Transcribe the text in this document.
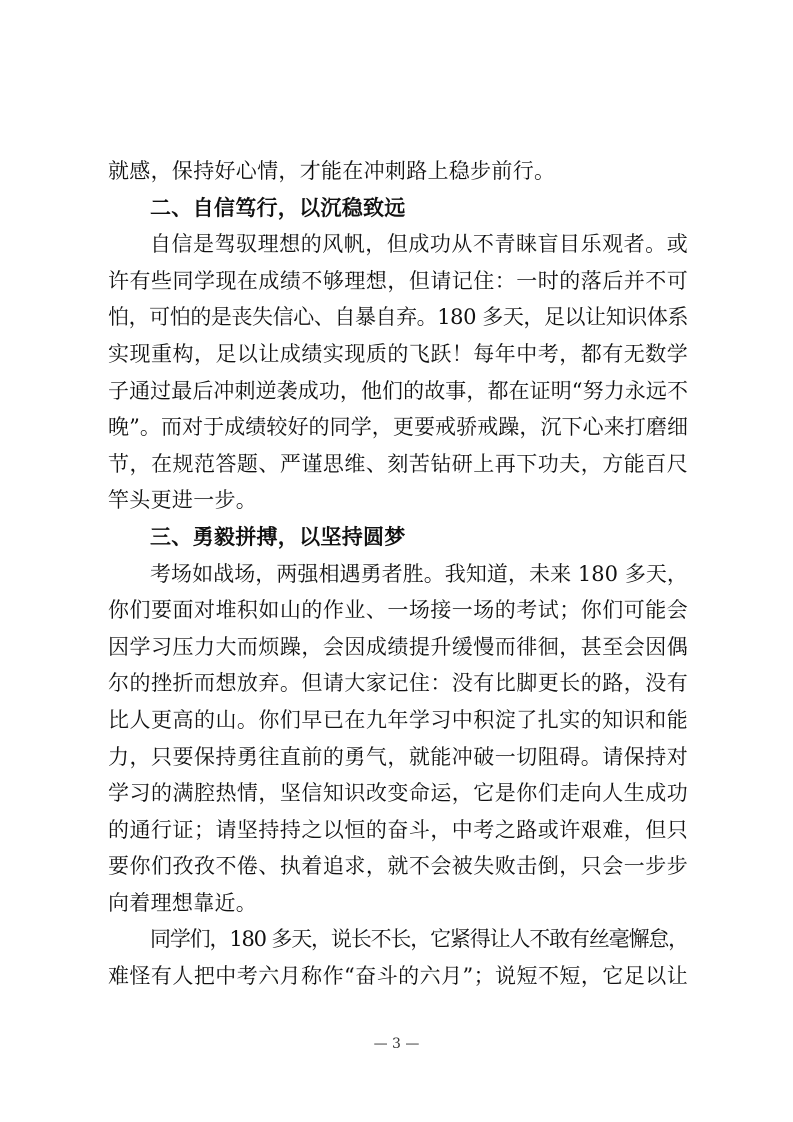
就感，保持好心情，才能在冲刺路上稳步前行。
二、自信笃行，以沉稳致远
自信是驾驭理想的风帆，但成功从不青睐盲目乐观者。或
许有些同学现在成绩不够理想，但请记住：一时的落后并不可
怕，可怕的是丧失信心、自暴自弃。180 多天，足以让知识体系
实现重构，足以让成绩实现质的飞跃！每年中考，都有无数学
子通过最后冲刺逆袭成功，他们的故事，都在证明“努力永远不
晚”。而对于成绩较好的同学，更要戒骄戒躁，沉下心来打磨细
节，在规范答题、严谨思维、刻苦钻研上再下功夫，方能百尺
竿头更进一步。
三、勇毅拼搏，以坚持圆梦
考场如战场，两强相遇勇者胜。我知道，未来 180 多天，
你们要面对堆积如山的作业、一场接一场的考试；你们可能会
因学习压力大而烦躁，会因成绩提升缓慢而徘徊，甚至会因偶
尔的挫折而想放弃。但请大家记住：没有比脚更长的路，没有
比人更高的山。你们早已在九年学习中积淀了扎实的知识和能
力，只要保持勇往直前的勇气，就能冲破一切阻碍。请保持对
学习的满腔热情，坚信知识改变命运，它是你们走向人生成功
的通行证；请坚持持之以恒的奋斗，中考之路或许艰难，但只
要你们孜孜不倦、执着追求，就不会被失败击倒，只会一步步
向着理想靠近。
同学们，180 多天，说长不长，它紧得让人不敢有丝毫懈怠，
难怪有人把中考六月称作“奋斗的六月”；说短不短，它足以让
— 3 —
